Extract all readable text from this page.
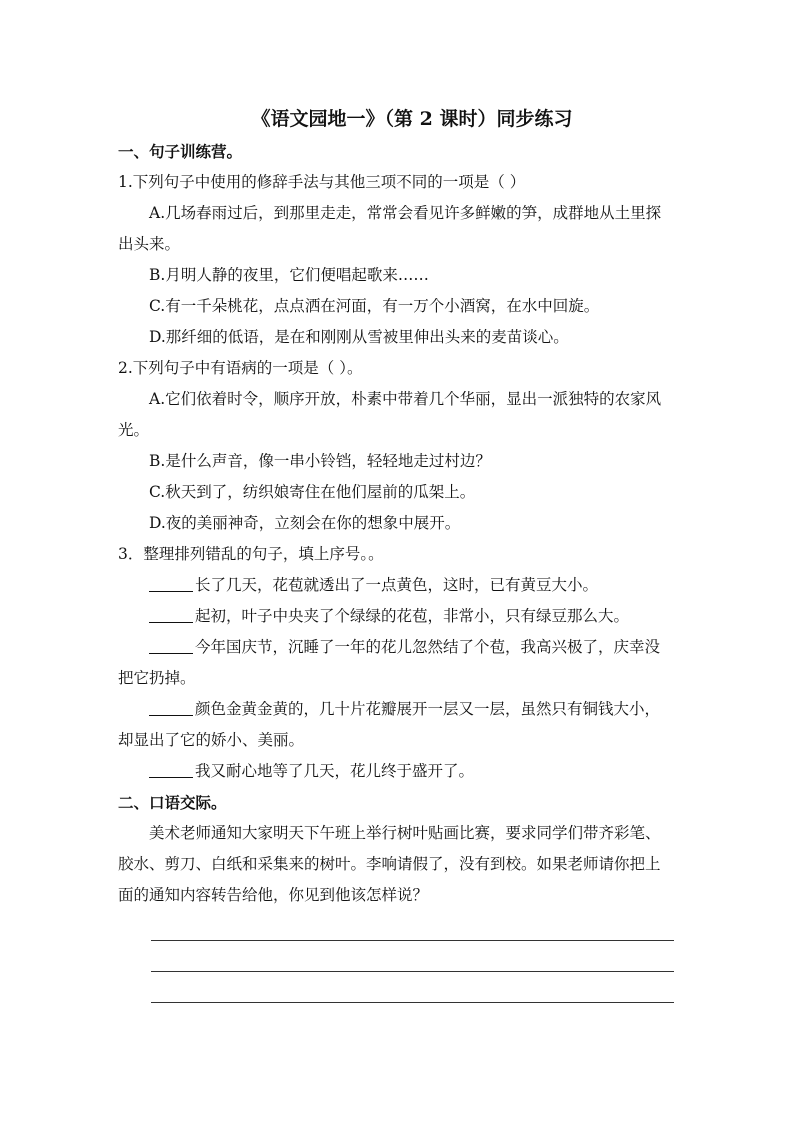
《语文园地一》（第 2 课时）同步练习
一、句子训练营。
1.下列句子中使用的修辞手法与其他三项不同的一项是（ ）
A.几场春雨过后，到那里走走，常常会看见许多鲜嫩的笋，成群地从土里探
出头来。
B.月明人静的夜里，它们便唱起歌来……
C.有一千朵桃花，点点洒在河面，有一万个小酒窝，在水中回旋。
D.那纤细的低语，是在和刚刚从雪被里伸出头来的麦苗谈心。
2.下列句子中有语病的一项是（ ）。
A.它们依着时令，顺序开放，朴素中带着几个华丽，显出一派独特的农家风
光。
B.是什么声音，像一串小铃铛，轻轻地走过村边？
C.秋天到了，纺织娘寄住在他们屋前的瓜架上。
D.夜的美丽神奇，立刻会在你的想象中展开。
3．整理排列错乱的句子，填上序号。。
长了几天，花苞就透出了一点黄色，这时，已有黄豆大小。
起初，叶子中央夹了个绿绿的花苞，非常小，只有绿豆那么大。
今年国庆节，沉睡了一年的花儿忽然结了个苞，我高兴极了，庆幸没
把它扔掉。
颜色金黄金黄的，几十片花瓣展开一层又一层，虽然只有铜钱大小，
却显出了它的娇小、美丽。
我又耐心地等了几天，花儿终于盛开了。
二、口语交际。
美术老师通知大家明天下午班上举行树叶贴画比赛，要求同学们带齐彩笔、
胶水、剪刀、白纸和采集来的树叶。李响请假了，没有到校。如果老师请你把上
面的通知内容转告给他，你见到他该怎样说？
